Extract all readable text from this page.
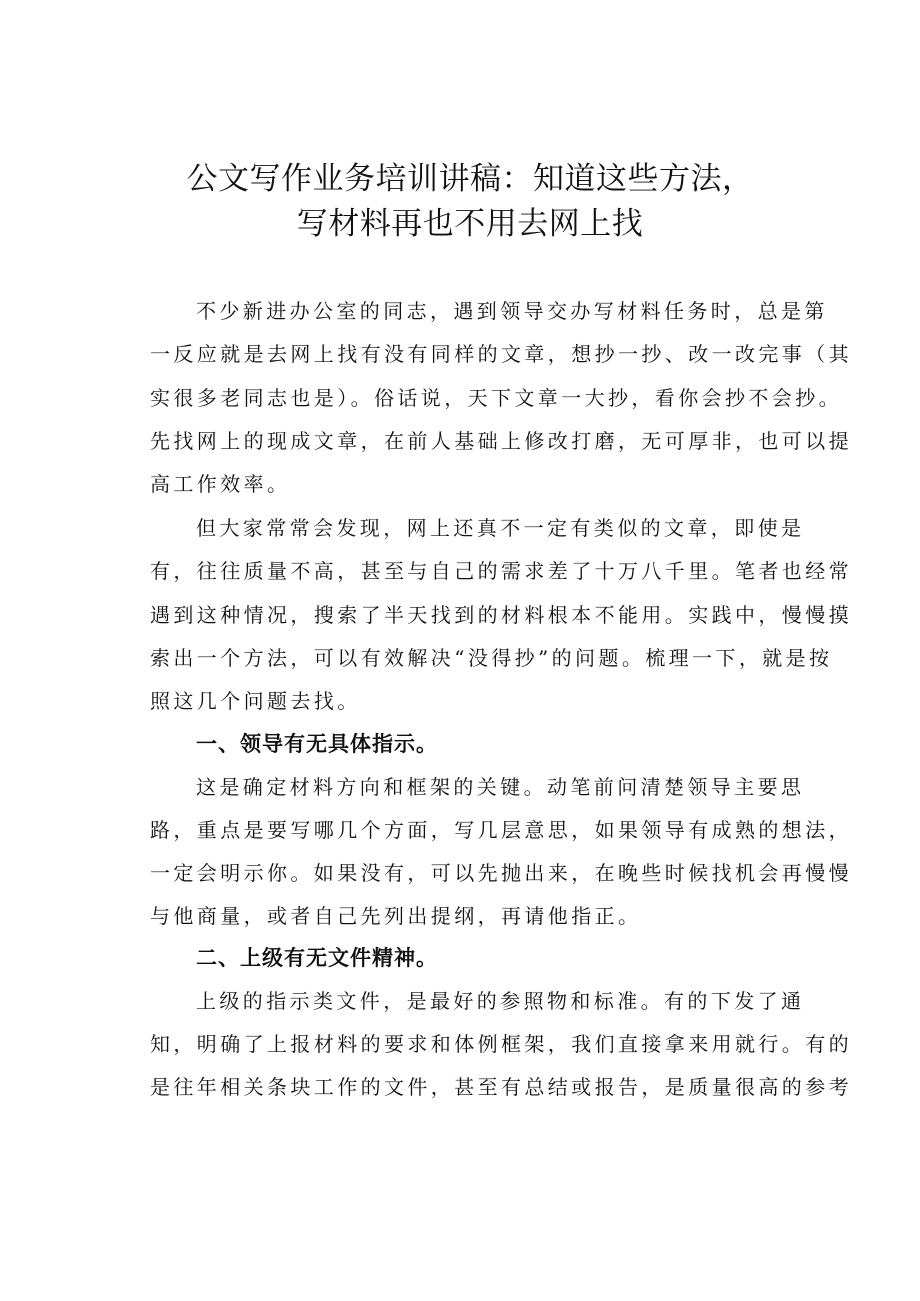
公文写作业务培训讲稿：知道这些方法，
写材料再也不用去网上找

不少新进办公室的同志，遇到领导交办写材料任务时，总是第

一反应就是去网上找有没有同样的文章，想抄一抄、改一改完事（其

实很多老同志也是）。俗话说，天下文章一大抄，看你会抄不会抄。

先找网上的现成文章，在前人基础上修改打磨，无可厚非，也可以提

高工作效率。

但大家常常会发现，网上还真不一定有类似的文章，即使是

有，往往质量不高，甚至与自己的需求差了十万八千里。笔者也经常

遇到这种情况，搜索了半天找到的材料根本不能用。实践中，慢慢摸

索出一个方法，可以有效解决“没得抄”的问题。梳理一下，就是按

照这几个问题去找。

一、领导有无具体指示。

这是确定材料方向和框架的关键。动笔前问清楚领导主要思

路，重点是要写哪几个方面，写几层意思，如果领导有成熟的想法，

一定会明示你。如果没有，可以先抛出来，在晚些时候找机会再慢慢

与他商量，或者自己先列出提纲，再请他指正。

二、上级有无文件精神。

上级的指示类文件，是最好的参照物和标准。有的下发了通

知，明确了上报材料的要求和体例框架，我们直接拿来用就行。有的

是往年相关条块工作的文件，甚至有总结或报告，是质量很高的参考
